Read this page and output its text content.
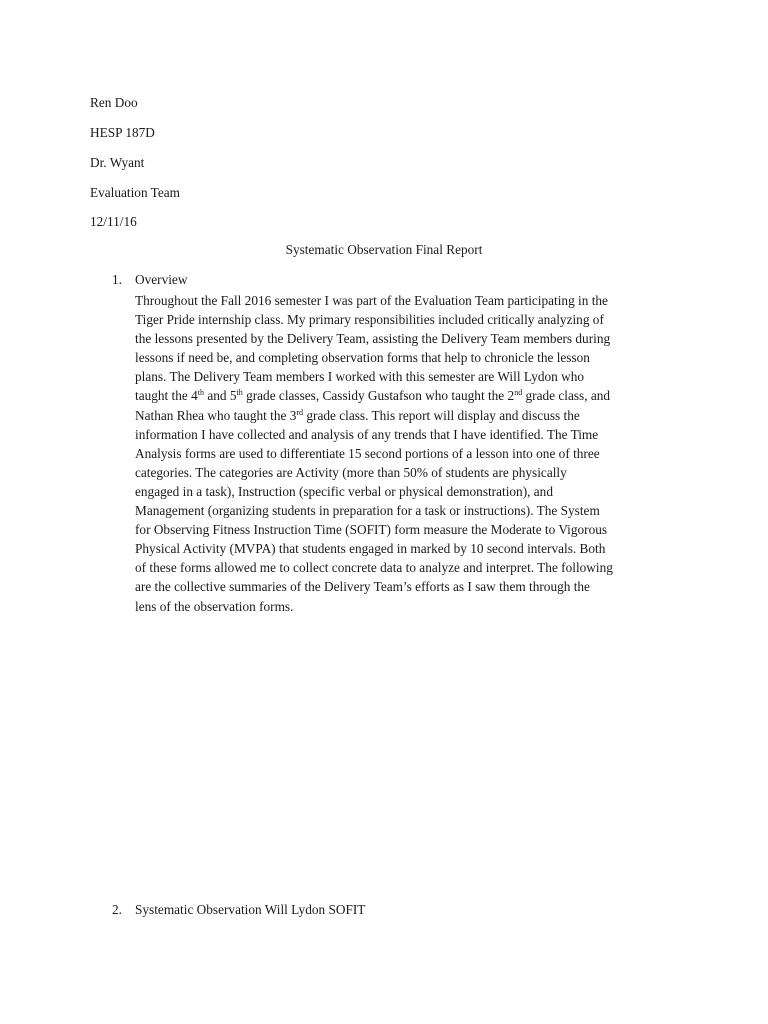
Ren Doo
HESP 187D
Dr. Wyant
Evaluation Team
12/11/16
Systematic Observation Final Report
1. Overview
Throughout the Fall 2016 semester I was part of the Evaluation Team participating in the
Tiger Pride internship class. My primary responsibilities included critically analyzing of
the lessons presented by the Delivery Team, assisting the Delivery Team members during
lessons if need be, and completing observation forms that help to chronicle the lesson
plans. The Delivery Team members I worked with this semester are Will Lydon who
taught the 4th and 5th grade classes, Cassidy Gustafson who taught the 2nd grade class, and
Nathan Rhea who taught the 3rd grade class. This report will display and discuss the
information I have collected and analysis of any trends that I have identified. The Time
Analysis forms are used to differentiate 15 second portions of a lesson into one of three
categories. The categories are Activity (more than 50% of students are physically
engaged in a task), Instruction (specific verbal or physical demonstration), and
Management (organizing students in preparation for a task or instructions). The System
for Observing Fitness Instruction Time (SOFIT) form measure the Moderate to Vigorous
Physical Activity (MVPA) that students engaged in marked by 10 second intervals. Both
of these forms allowed me to collect concrete data to analyze and interpret. The following
are the collective summaries of the Delivery Team’s efforts as I saw them through the
lens of the observation forms.
2. Systematic Observation Will Lydon SOFIT
